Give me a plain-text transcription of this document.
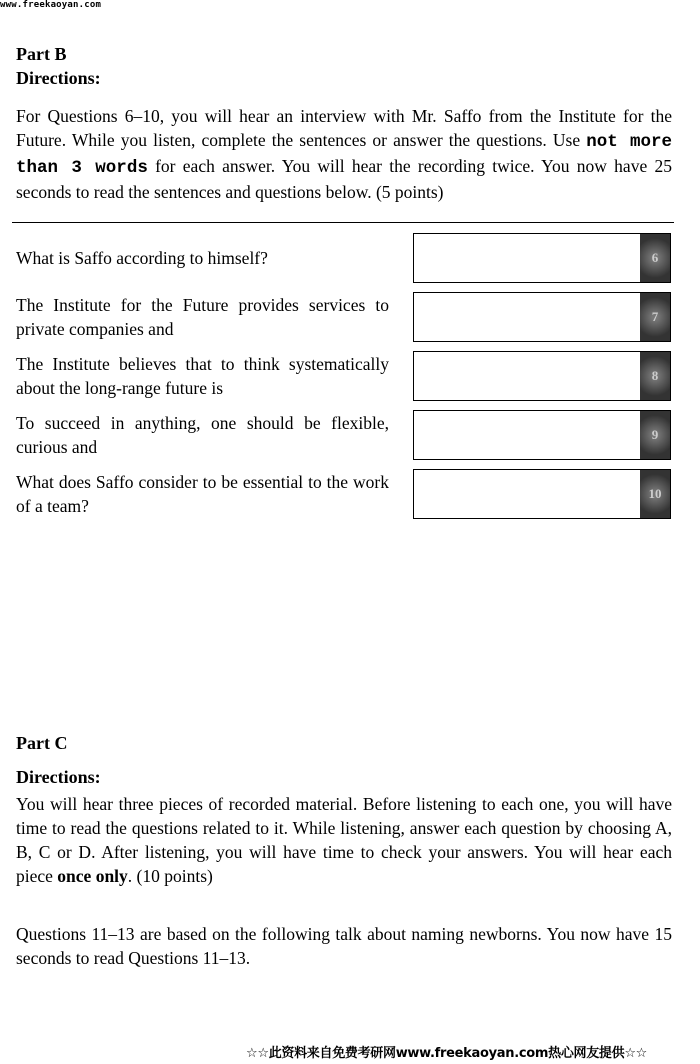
www.freekaoyan.com
Part B
Directions:
For Questions 6–10, you will hear an interview with Mr. Saffo from the Institute for the Future. While you listen, complete the sentences or answer the questions. Use not more than 3 words for each answer. You will hear the recording twice. You now have 25 seconds to read the sentences and questions below. (5 points)
What is Saffo according to himself?
The Institute for the Future provides services to private companies and
The Institute believes that to think systematically about the long-range future is
To succeed in anything, one should be flexible, curious and
What does Saffo consider to be essential to the work of a team?
6
7
8
9
10
Part C
Directions:
You will hear three pieces of recorded material. Before listening to each one, you will have time to read the questions related to it. While listening, answer each question by choosing A, B, C or D. After listening, you will have time to check your answers. You will hear each piece once only. (10 points)
Questions 11–13 are based on the following talk about naming newborns. You now have 15 seconds to read Questions 11–13.
☆☆此资料来自免费考研网www.freekaoyan.com热心网友提供☆☆
